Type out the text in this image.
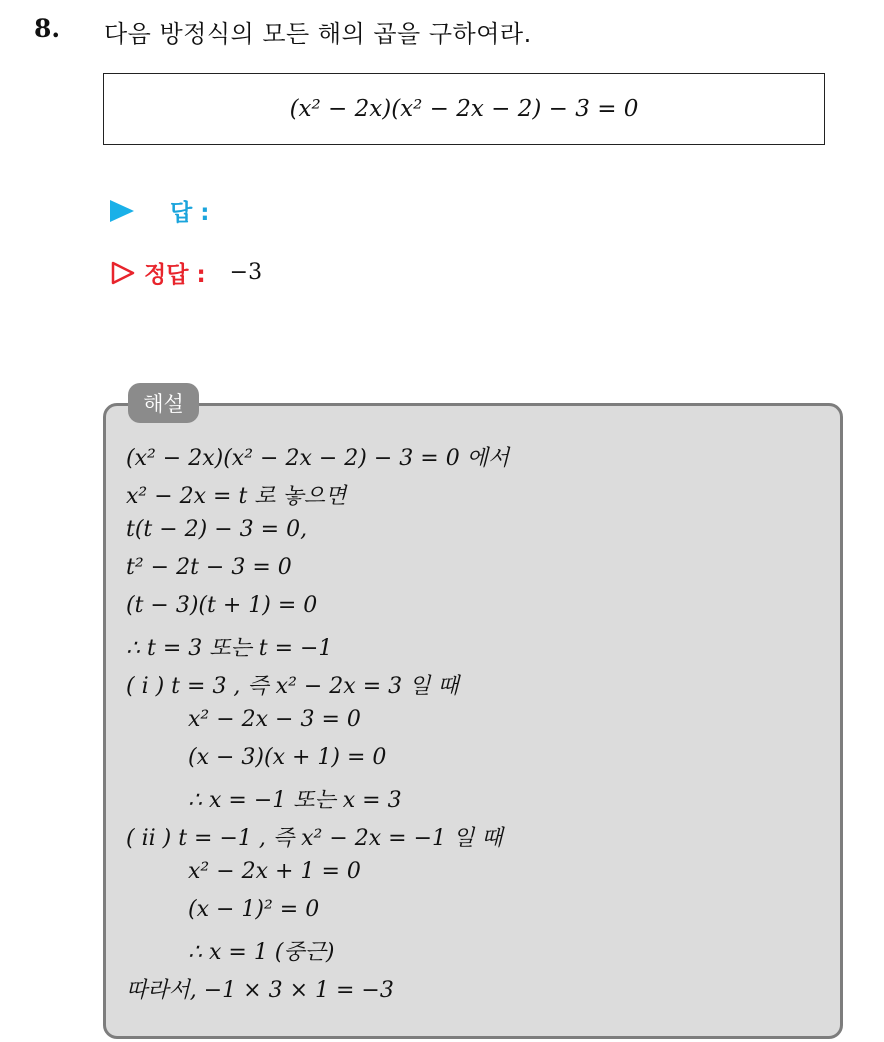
8. 다음 방정식의 모든 해의 곱을 구하여라.
(x² − 2x)(x² − 2x − 2) − 3 = 0
답 :
정답 : −3
해설
(x² − 2x)(x² − 2x − 2) − 3 = 0 에서
x² − 2x = t 로 놓으면
t(t − 2) − 3 = 0,
t² − 2t − 3 = 0
(t − 3)(t + 1) = 0
∴ t = 3 또는 t = −1
( i ) t = 3 , 즉 x² − 2x = 3 일 때
x² − 2x − 3 = 0
(x − 3)(x + 1) = 0
∴ x = −1 또는 x = 3
( ii ) t = −1 , 즉 x² − 2x = −1 일 때
x² − 2x + 1 = 0
(x − 1)² = 0
∴ x = 1 (중근)
따라서, −1 × 3 × 1 = −3
